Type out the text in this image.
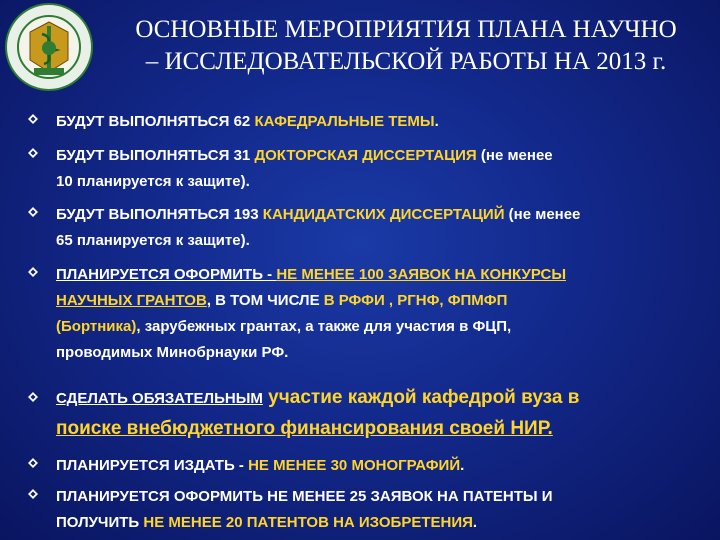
ОСНОВНЫЕ МЕРОПРИЯТИЯ ПЛАНА НАУЧНО
– ИССЛЕДОВАТЕЛЬСКОЙ РАБОТЫ НА 2013 г.
БУДУТ ВЫПОЛНЯТЬСЯ 62 КАФЕДРАЛЬНЫЕ ТЕМЫ.
БУДУТ ВЫПОЛНЯТЬСЯ 31 ДОКТОРСКАЯ ДИССЕРТАЦИЯ (не менее
10 планируется к защите).
БУДУТ ВЫПОЛНЯТЬСЯ 193 КАНДИДАТСКИХ ДИССЕРТАЦИЙ (не менее
65 планируется к защите).
ПЛАНИРУЕТСЯ ОФОРМИТЬ - НЕ МЕНЕЕ 100 ЗАЯВОК НА КОНКУРСЫ
НАУЧНЫХ ГРАНТОВ, В ТОМ ЧИСЛЕ В РФФИ , РГНФ, ФПМФП
(Бортника), зарубежных грантах, а также для участия в ФЦП,
проводимых Минобрнауки РФ.
СДЕЛАТЬ ОБЯЗАТЕЛЬНЫМ участие каждой кафедрой вуза в
поиске внебюджетного финансирования своей НИР.
ПЛАНИРУЕТСЯ ИЗДАТЬ - НЕ МЕНЕЕ 30 МОНОГРАФИЙ.
ПЛАНИРУЕТСЯ ОФОРМИТЬ НЕ МЕНЕЕ 25 ЗАЯВОК НА ПАТЕНТЫ И
ПОЛУЧИТЬ НЕ МЕНЕЕ 20 ПАТЕНТОВ НА ИЗОБРЕТЕНИЯ.
